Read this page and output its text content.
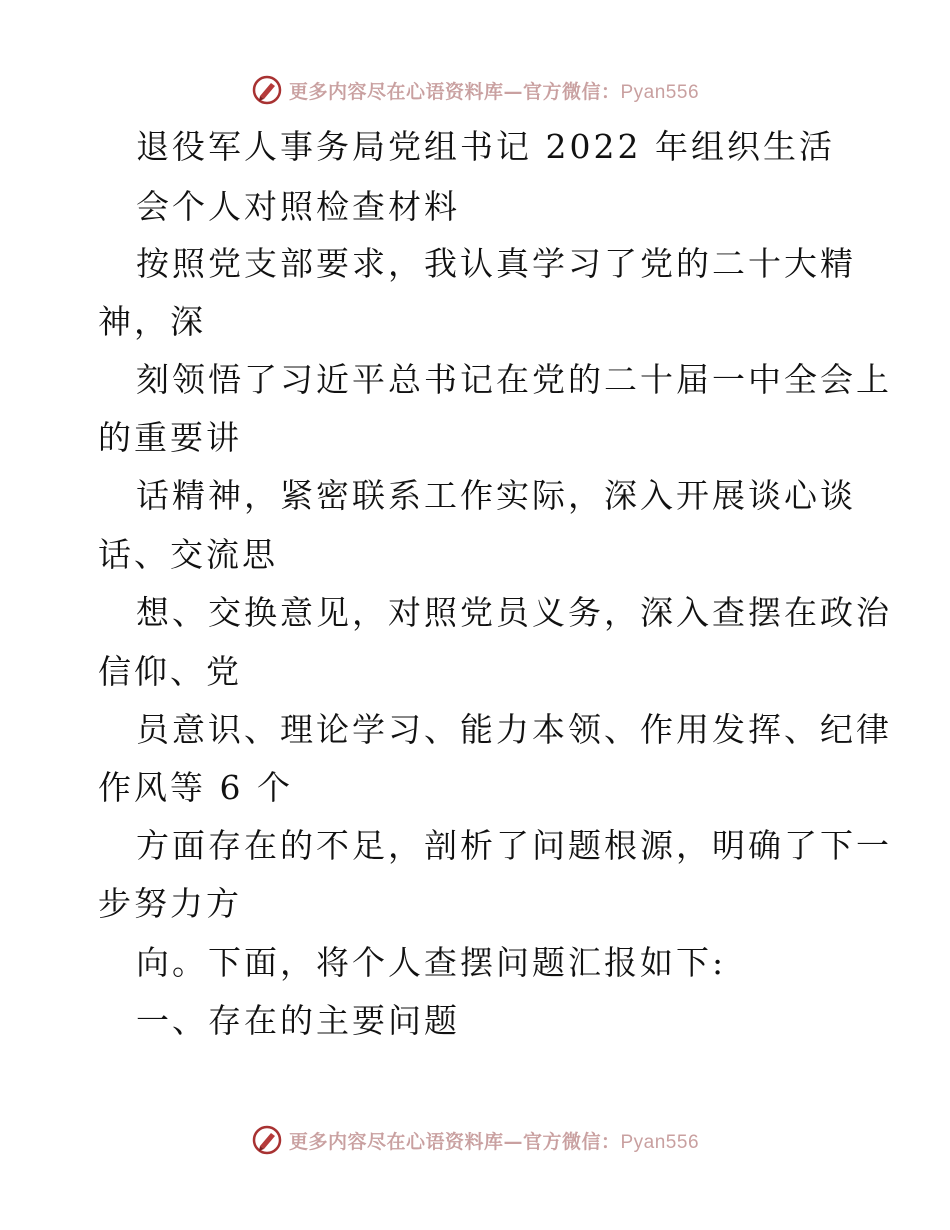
更多内容尽在心语资料库—官方微信：Pyan556
退役军人事务局党组书记 2022 年组织生活
会个人对照检查材料
按照党支部要求，我认真学习了党的二十大精
神，深
刻领悟了习近平总书记在党的二十届一中全会上
的重要讲
话精神，紧密联系工作实际，深入开展谈心谈
话、交流思
想、交换意见，对照党员义务，深入查摆在政治
信仰、党
员意识、理论学习、能力本领、作用发挥、纪律
作风等 6 个
方面存在的不足，剖析了问题根源，明确了下一
步努力方
向。下面，将个人查摆问题汇报如下:
一、存在的主要问题
更多内容尽在心语资料库—官方微信：Pyan556
